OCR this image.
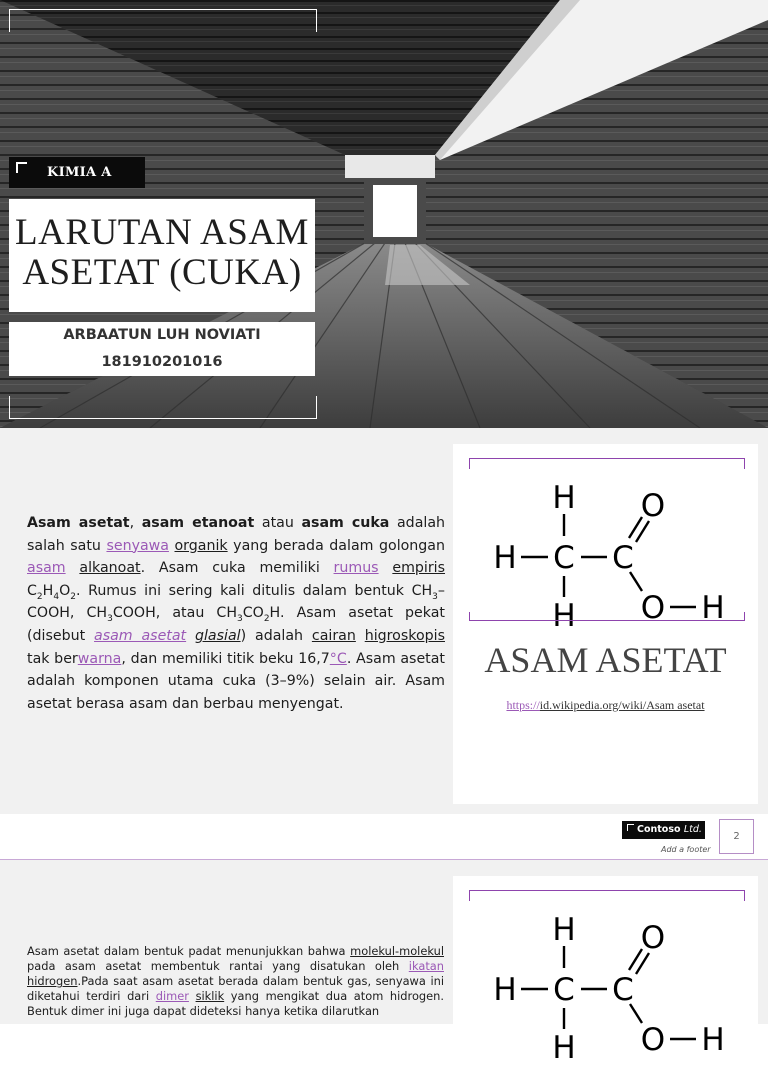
KIMIA A
LARUTAN ASAM
ASETAT (CUKA)
ARBAATUN LUH NOVIATI
181910201016
Asam asetat, asam etanoat atau asam cuka adalah salah satu senyawa organik yang berada dalam golongan asam alkanoat. Asam cuka memiliki rumus empiris $C_2H_4O_2$. Rumus ini sering kali ditulis dalam bentuk $CH_3$–COOH, $CH_3COOH$, atau $CH_3CO_2H$. Asam asetat pekat (disebut asam asetat glasial) adalah cairan higroskopis tak berwarna, dan memiliki titik beku 16,7°C. Asam asetat adalah komponen utama cuka (3–9%) selain air. Asam asetat berasa asam dan berbau menyengat.
H
H C C
O
H O H
ASAM ASETAT
https://id.wikipedia.org/wiki/Asam asetat
Contoso Ltd.
Add a footer
2
Asam asetat dalam bentuk padat menunjukkan bahwa molekul-molekul pada asam asetat membentuk rantai yang disatukan oleh ikatan hidrogen.Pada saat asam asetat berada dalam bentuk gas, senyawa ini diketahui terdiri dari dimer siklik yang mengikat dua atom hidrogen. Bentuk dimer ini juga dapat dideteksi hanya ketika dilarutkan
H
H C C
O
H O H
